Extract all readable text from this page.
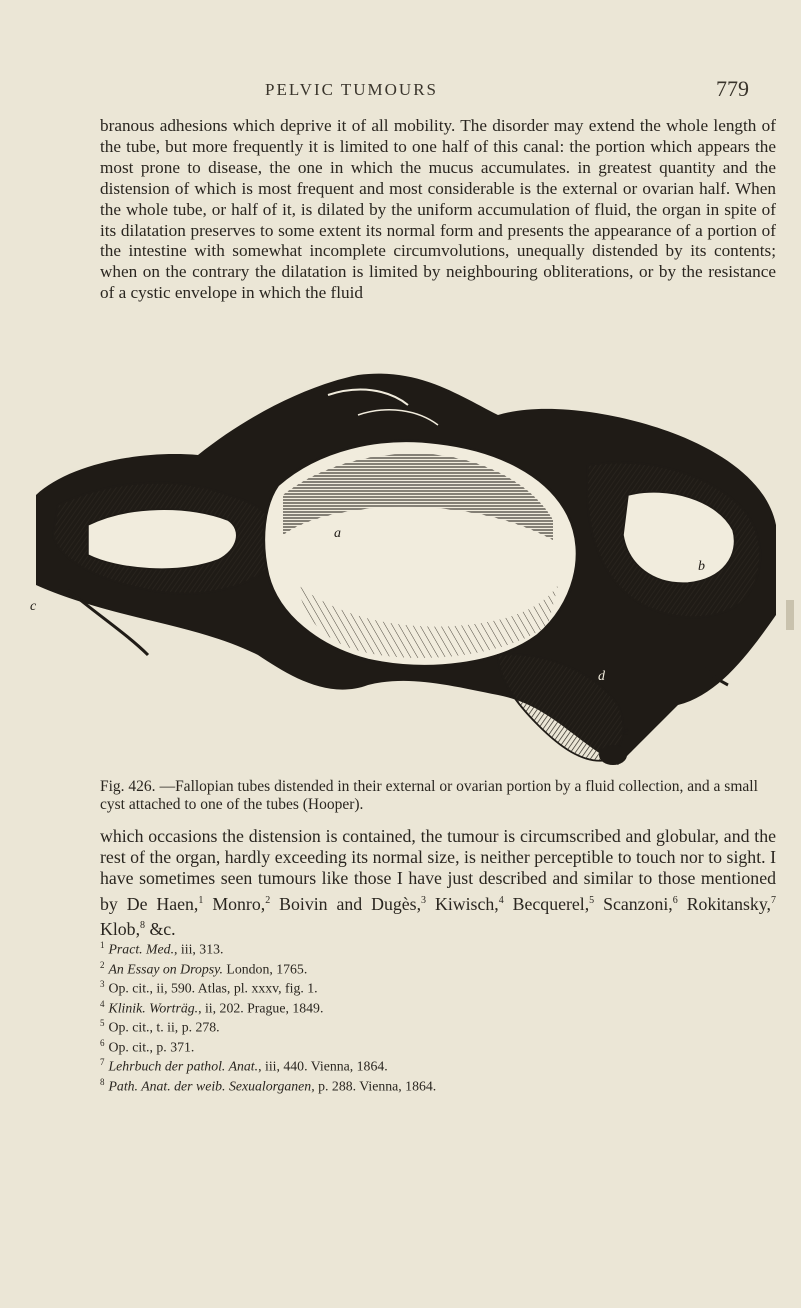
PELVIC TUMOURS	779

branous adhesions which deprive it of all mobility. The disorder may extend the whole length of the tube, but more frequently it is limited to one half of this canal: the portion which appears the most prone to disease, the one in which the mucus accumulates. in greatest quantity and the distension of which is most frequent and most considerable is the external or ovarian half. When the whole tube, or half of it, is dilated by the uniform accumulation of fluid, the organ in spite of its dilatation preserves to some extent its normal form and presents the appearance of a portion of the intestine with somewhat incomplete circumvolutions, unequally distended by its contents; when on the contrary the dilatation is limited by neighbouring obliterations, or by the resistance of a cystic envelope in which the fluid

a
b
c
d
e

Fig. 426. —Fallopian tubes distended in their external or ovarian portion by a fluid collection, and a small cyst attached to one of the tubes (Hooper).

which occasions the distension is contained, the tumour is circumscribed and globular, and the rest of the organ, hardly exceeding its normal size, is neither perceptible to touch nor to sight. I have sometimes seen tumours like those I have just described and similar to those mentioned by De Haen,$^1$ Monro,$^2$ Boivin and Dugès,$^3$ Kiwisch,$^4$ Becquerel,$^5$ Scanzoni,$^6$ Rokitansky,$^7$ Klob,$^8$ &c.

$^1$ Pract. Med., iii, 313.
$^2$ An Essay on Dropsy. London, 1765.
$^3$ Op. cit., ii, 590. Atlas, pl. xxxv, fig. 1.
$^4$ Klinik. Worträg., ii, 202. Prague, 1849.
$^5$ Op. cit., t. ii, p. 278.
$^6$ Op. cit., p. 371.
$^7$ Lehrbuch der pathol. Anat., iii, 440. Vienna, 1864.
$^8$ Path. Anat. der weib. Sexualorganen, p. 288. Vienna, 1864.
